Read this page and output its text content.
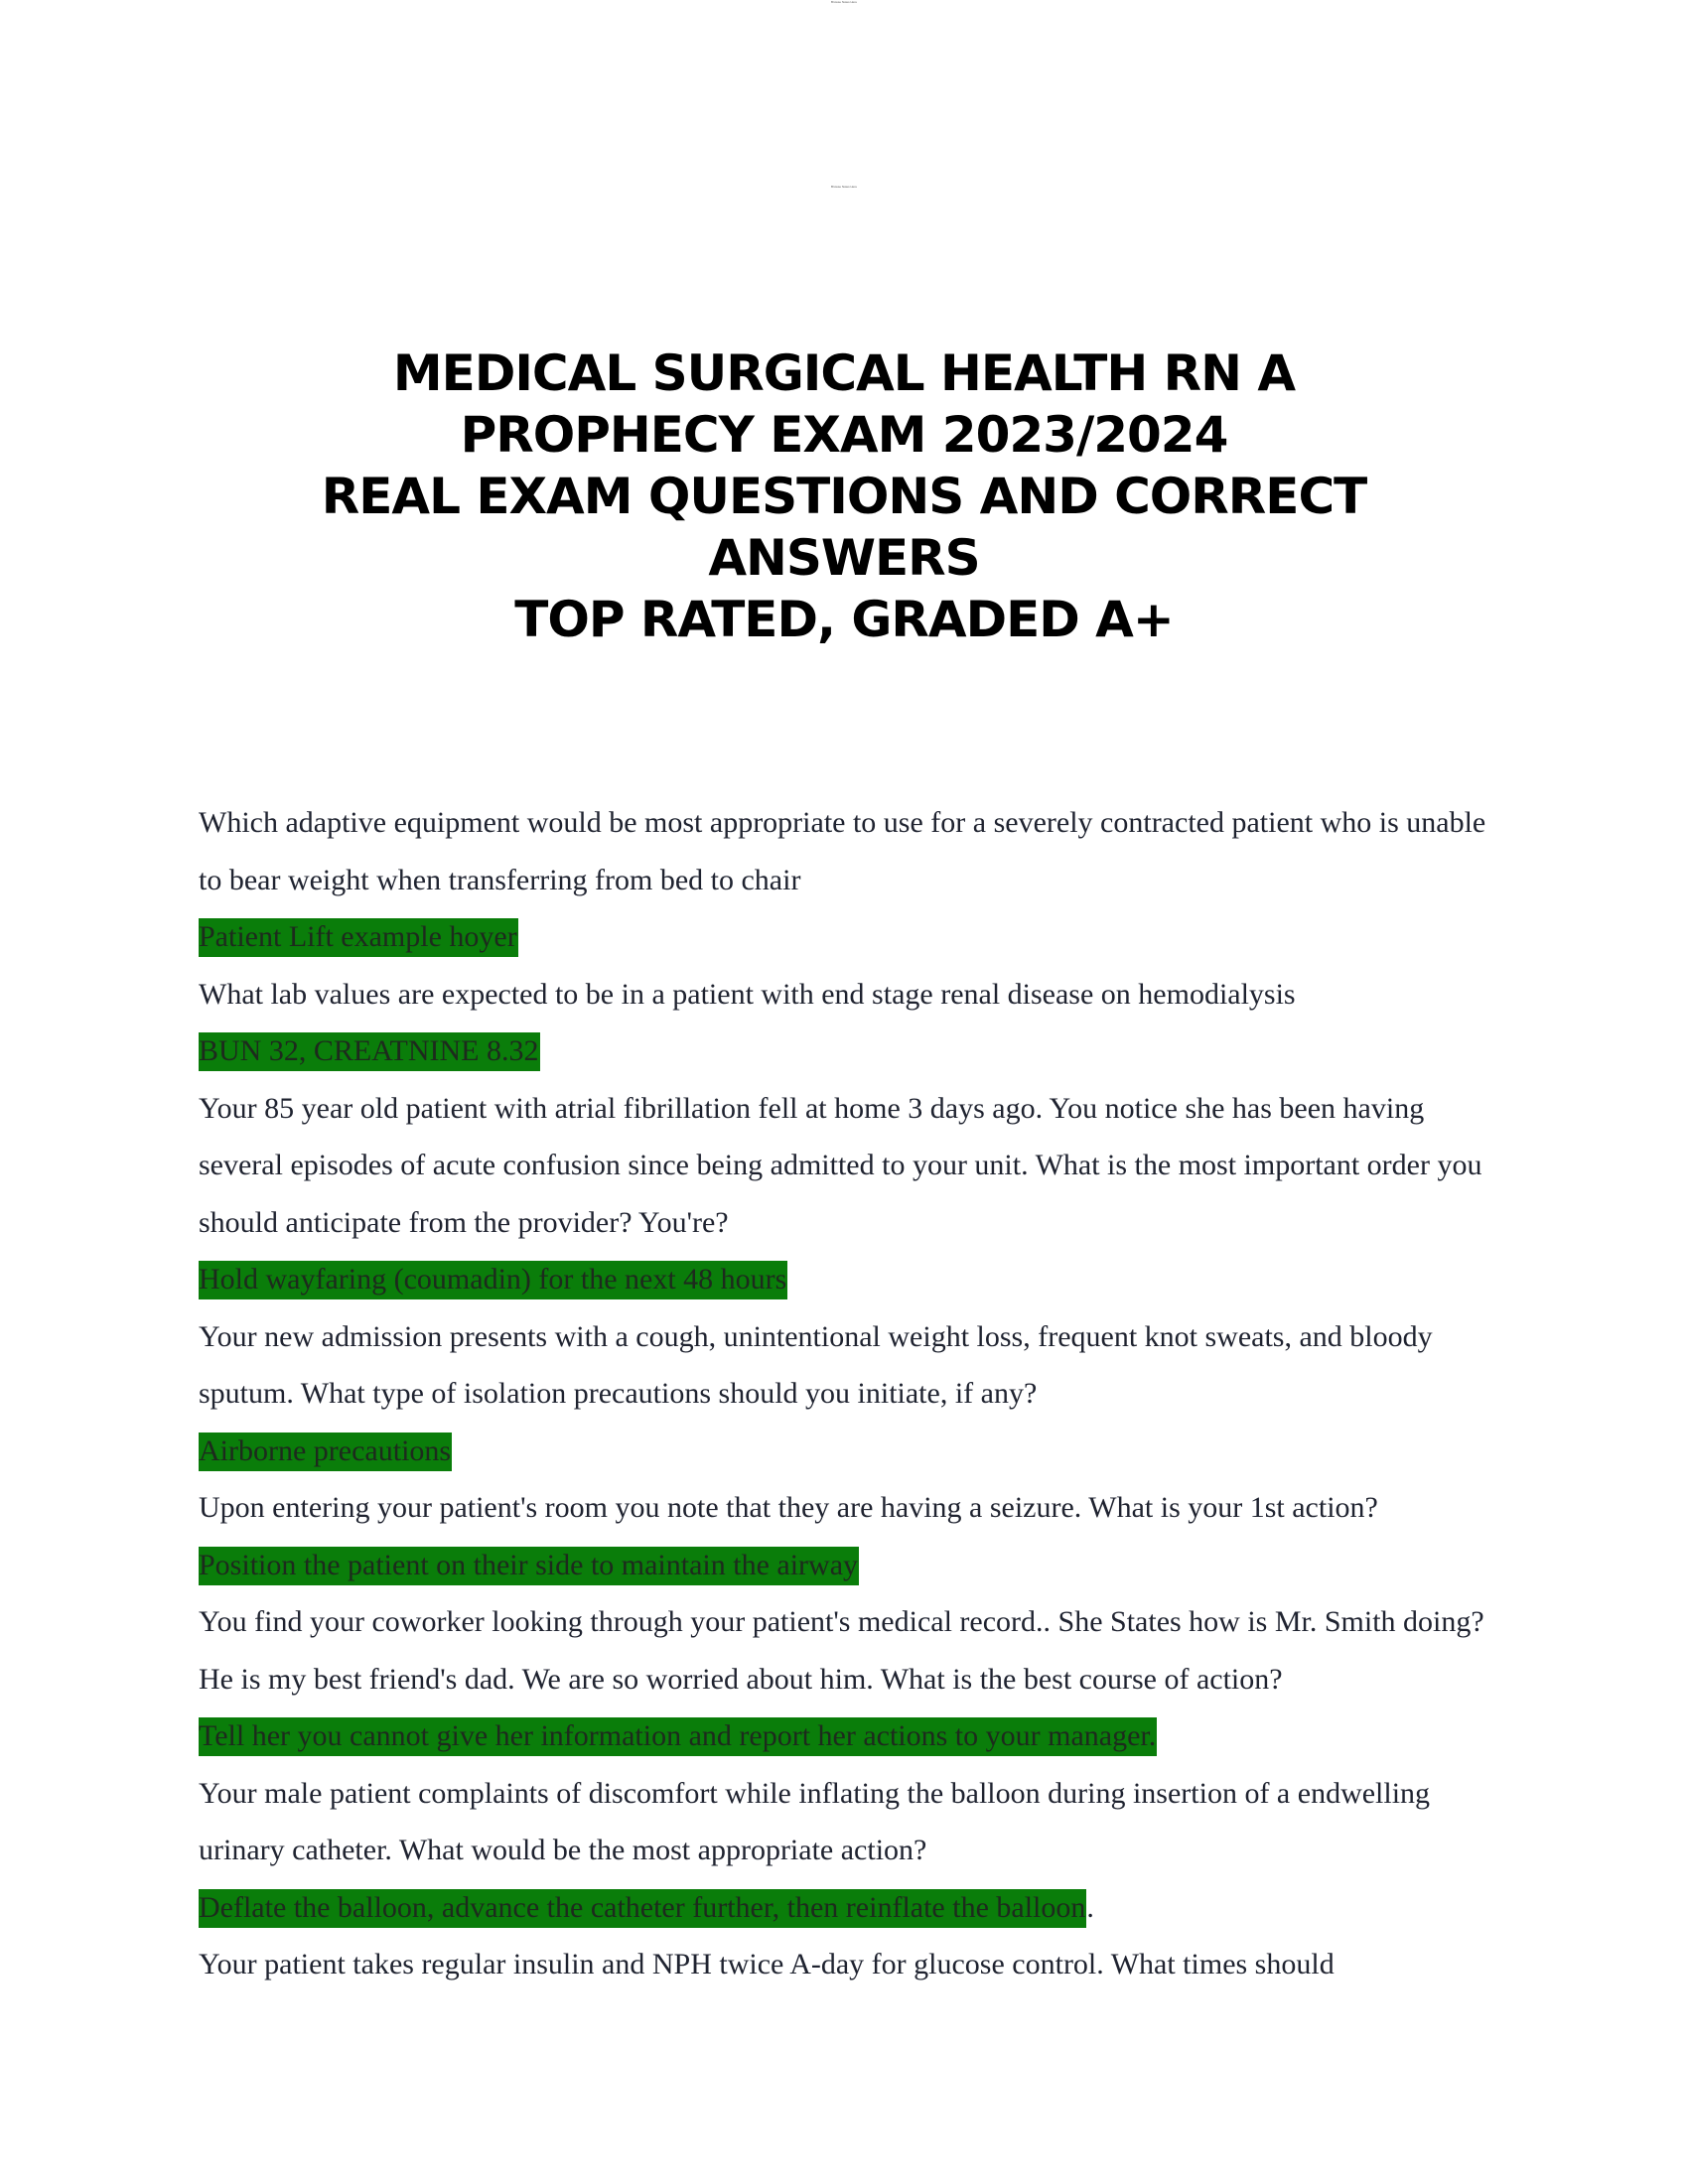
Browse Notes Here
Browse Notes Here
MEDICAL SURGICAL HEALTH RN A
PROPHECY EXAM 2023/2024
REAL EXAM QUESTIONS AND CORRECT
ANSWERS
TOP RATED, GRADED A+

Which adaptive equipment would be most appropriate to use for a severely contracted patient who is unable to bear weight when transferring from bed to chair

Patient Lift example hoyer

What lab values are expected to be in a patient with end stage renal disease on hemodialysis

BUN 32, CREATNINE 8.32

Your 85 year old patient with atrial fibrillation fell at home 3 days ago. You notice she has been having several episodes of acute confusion since being admitted to your unit. What is the most important order you should anticipate from the provider? You're?

Hold wayfaring (coumadin) for the next 48 hours

Your new admission presents with a cough, unintentional weight loss, frequent knot sweats, and bloody sputum. What type of isolation precautions should you initiate, if any?

Airborne precautions

Upon entering your patient's room you note that they are having a seizure. What is your 1st action?

Position the patient on their side to maintain the airway

You find your coworker looking through your patient's medical record.. She States how is Mr. Smith doing? He is my best friend's dad. We are so worried about him. What is the best course of action?

Tell her you cannot give her information and report her actions to your manager.

Your male patient complaints of discomfort while inflating the balloon during insertion of a endwelling urinary catheter. What would be the most appropriate action?

Deflate the balloon, advance the catheter further, then reinflate the balloon.

Your patient takes regular insulin and NPH twice A-day for glucose control. What times should
